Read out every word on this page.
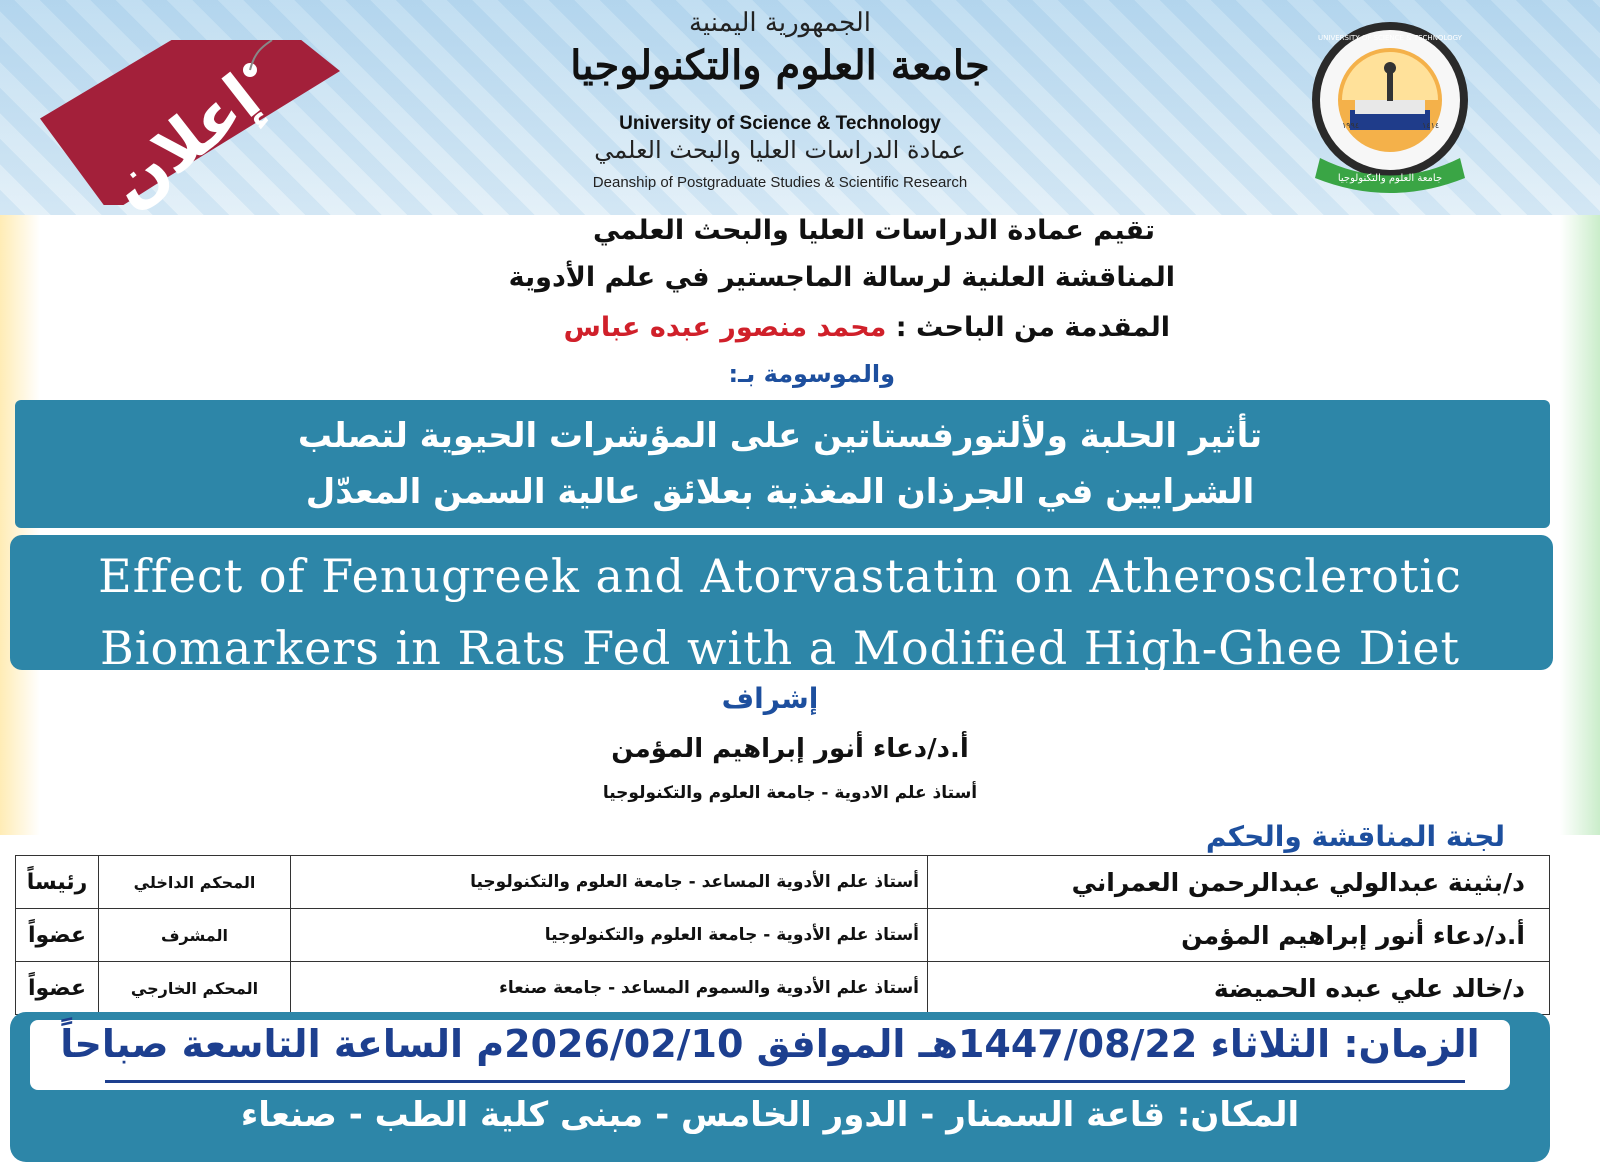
إعلان
الجمهورية اليمنية
جامعة العلوم والتكنولوجيا
University of Science & Technology
عمادة الدراسات العليا والبحث العلمي
Deanship of Postgraduate Studies & Scientific Research	جامعة العلوم والتكنولوجيا
١٩٩٤	١٤١٤
UNIVERSITY OF SCIENCE & TECHNOLOGY
تقيم عمادة الدراسات العليا والبحث العلمي
المناقشة العلنية لرسالة الماجستير في علم الأدوية
المقدمة من الباحث : محمد منصور عبده عباس
والموسومة بـ:
تأثير الحلبة ولألتورفستاتين على المؤشرات الحيوية لتصلب
الشرايين في الجرذان المغذية بعلائق عالية السمن المعدّل
Effect of Fenugreek and Atorvastatin on Atherosclerotic
Biomarkers in Rats Fed with a Modified High-Ghee Diet
إشراف
أ.د/دعاء أنور إبراهيم المؤمن
أستاذ علم الادوية - جامعة العلوم والتكنولوجيا
لجنة المناقشة والحكم
رئيساً	المحكم الداخلي	أستاذ علم الأدوية المساعد - جامعة العلوم والتكنولوجيا	د/بثينة عبدالولي عبدالرحمن العمراني
عضواً	المشرف	أستاذ علم الأدوية - جامعة العلوم والتكنولوجيا	أ.د/دعاء أنور إبراهيم المؤمن
عضواً	المحكم الخارجي	أستاذ علم الأدوية والسموم المساعد - جامعة صنعاء	د/خالد علي عبده الحميضة
الزمان: الثلاثاء 1447/08/22هـ الموافق 2026/02/10م الساعة التاسعة صباحاً
المكان: قاعة السمنار - الدور الخامس - مبنى كلية الطب - صنعاء
